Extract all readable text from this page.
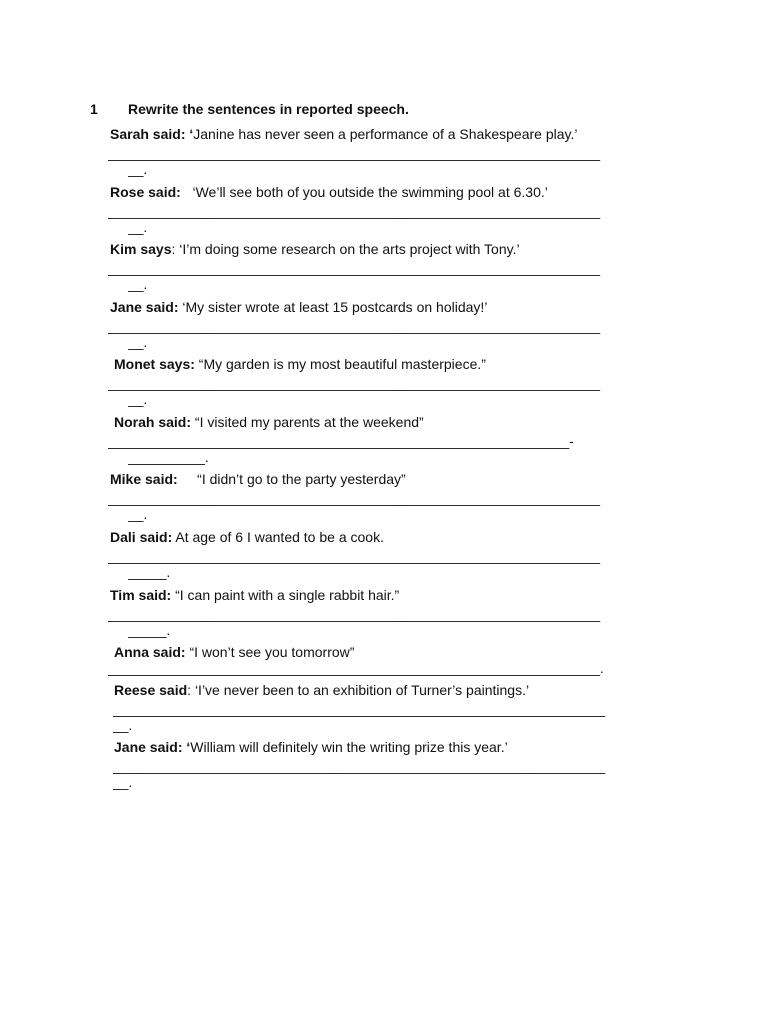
1 Rewrite the sentences in reported speech.
Sarah said: ‘Janine has never seen a performance of a Shakespeare play.’
________________________________________________________________
__.
Rose said:   ‘We’ll see both of you outside the swimming pool at 6.30.’
________________________________________________________________
__.
Kim says: ‘I’m doing some research on the arts project with Tony.’
________________________________________________________________
__.
Jane said: ‘My sister wrote at least 15 postcards on holiday!’
________________________________________________________________
__.
Monet says: “My garden is my most beautiful masterpiece.”
________________________________________________________________
__.
Norah said: “I visited my parents at the weekend”
____________________________________________________________-
__________.
Mike said:     “I didn’t go to the party yesterday”
________________________________________________________________
__.
Dali said: At age of 6 I wanted to be a cook.
________________________________________________________________
_____.
Tim said: “I can paint with a single rabbit hair.”
________________________________________________________________
_____.
Anna said: “I won’t see you tomorrow”
________________________________________________________________.
Reese said: ‘I’ve never been to an exhibition of Turner’s paintings.’
________________________________________________________________
__.
Jane said: ‘William will definitely win the writing prize this year.’
________________________________________________________________
__.
